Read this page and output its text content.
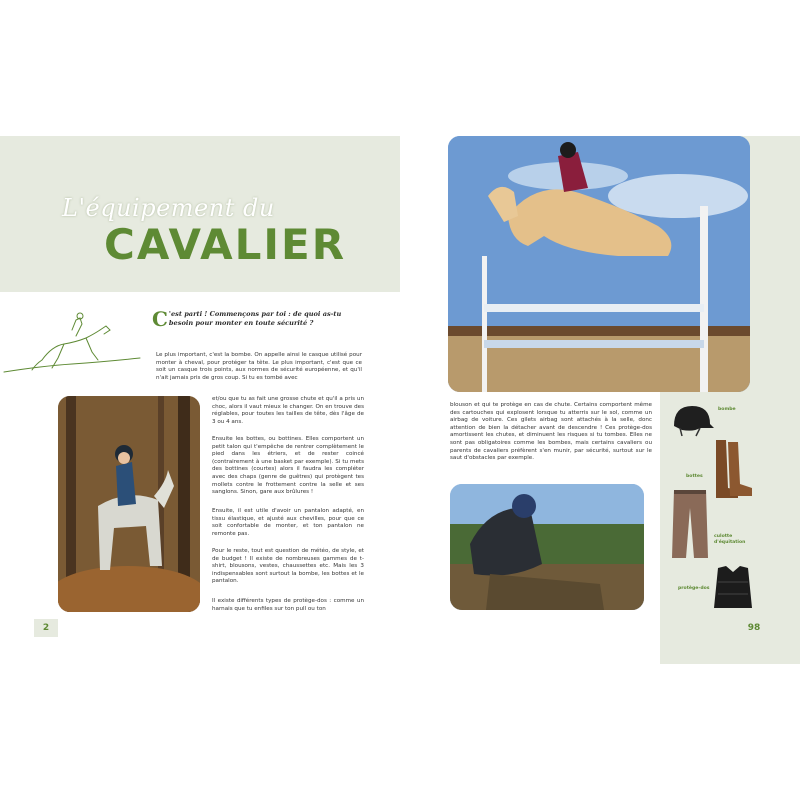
L'équipement du
CAVALIER
C 'est parti ! Commençons par toi : de quoi as-tu besoin pour monter en toute sécurité ?
Le plus important, c'est la bombe. On appelle ainsi le casque utilisé pour monter à cheval, pour protéger ta tête. Le plus important, c'est que ce soit un casque trois points, aux normes de sécurité européenne, et qu'il n'ait jamais pris de gros coup. Si tu es tombé avec
et/ou que tu as fait une grosse chute et qu'il a pris un choc, alors il vaut mieux le changer. On en trouve des réglables, pour toutes les tailles de tête, dès l'âge de 3 ou 4 ans.
Ensuite les bottes, ou bottines. Elles comportent un petit talon qui t'empêche de rentrer complètement le pied dans les étriers, et de rester coincé (contrairement à une basket par exemple). Si tu mets des bottines (courtes) alors il faudra les compléter avec des chaps (genre de guêtres) qui protègent tes mollets contre le frottement contre la selle et ses sanglons. Sinon, gare aux brûlures !
Ensuite, il est utile d'avoir un pantalon adapté, en tissu élastique, et ajusté aux chevilles, pour que ce soit confortable de monter, et ton pantalon ne remonte pas.
Pour le reste, tout est question de météo, de style, et de budget ! Il existe de nombreuses gammes de t-shirt, blousons, vestes, chaussettes etc. Mais les 3 indispensables sont surtout la bombe, les bottes et le pantalon.
Il existe différents types de protège-dos : comme un harnais que tu enfiles sur ton pull ou ton
2
blouson et qui te protège en cas de chute. Certains comportent même des cartouches qui explosent lorsque tu atterris sur le sol, comme un airbag de voiture. Ces gilets airbag sont attachés à la selle, donc attention de bien la détacher avant de descendre ! Ces protège-dos amortissent les chutes, et diminuent les risques si tu tombes. Elles ne sont pas obligatoires comme les bombes, mais certains cavaliers ou parents de cavaliers préfèrent s'en munir, par sécurité, surtout sur le saut d'obstacles par exemple.
bombe
bottes
culotte d'équitation
protège-dos
98
